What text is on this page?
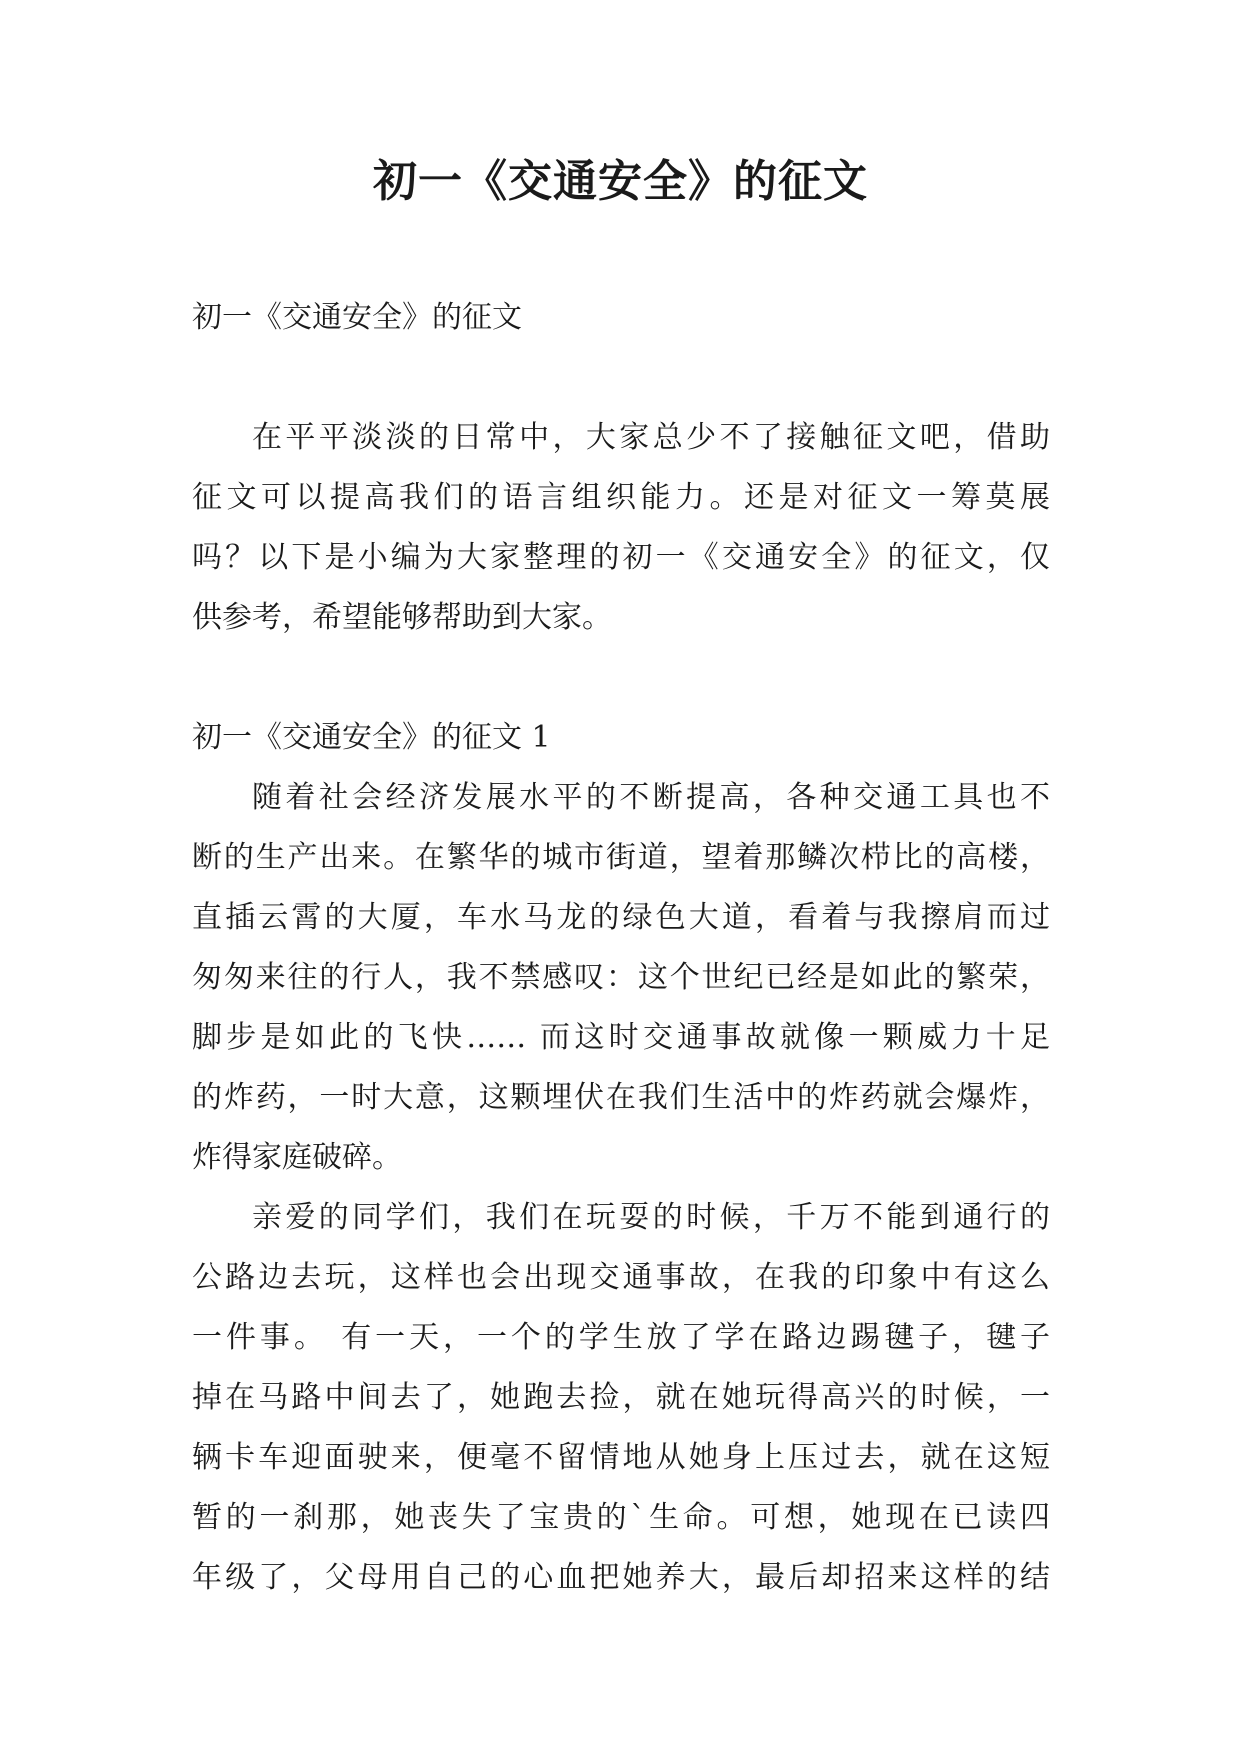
初一《交通安全》的征文
初一《交通安全》的征文
在平平淡淡的日常中，大家总少不了接触征文吧，借助
征文可以提高我们的语言组织能力。还是对征文一筹莫展
吗？以下是小编为大家整理的初一《交通安全》的征文，仅
供参考，希望能够帮助到大家。
初一《交通安全》的征文 1
随着社会经济发展水平的不断提高，各种交通工具也不
断的生产出来。在繁华的城市街道，望着那鳞次栉比的高楼，
直插云霄的大厦，车水马龙的绿色大道，看着与我擦肩而过
匆匆来往的行人，我不禁感叹：这个世纪已经是如此的繁荣，
脚步是如此的飞快…… 而这时交通事故就像一颗威力十足
的炸药，一时大意，这颗埋伏在我们生活中的炸药就会爆炸，
炸得家庭破碎。
亲爱的同学们，我们在玩耍的时候，千万不能到通行的
公路边去玩，这样也会出现交通事故，在我的印象中有这么
一件事。 有一天，一个的学生放了学在路边踢毽子，毽子
掉在马路中间去了，她跑去捡，就在她玩得高兴的时候，一
辆卡车迎面驶来，便毫不留情地从她身上压过去，就在这短
暂的一刹那，她丧失了宝贵的`生命。可想，她现在已读四
年级了，父母用自己的心血把她养大，最后却招来这样的结
